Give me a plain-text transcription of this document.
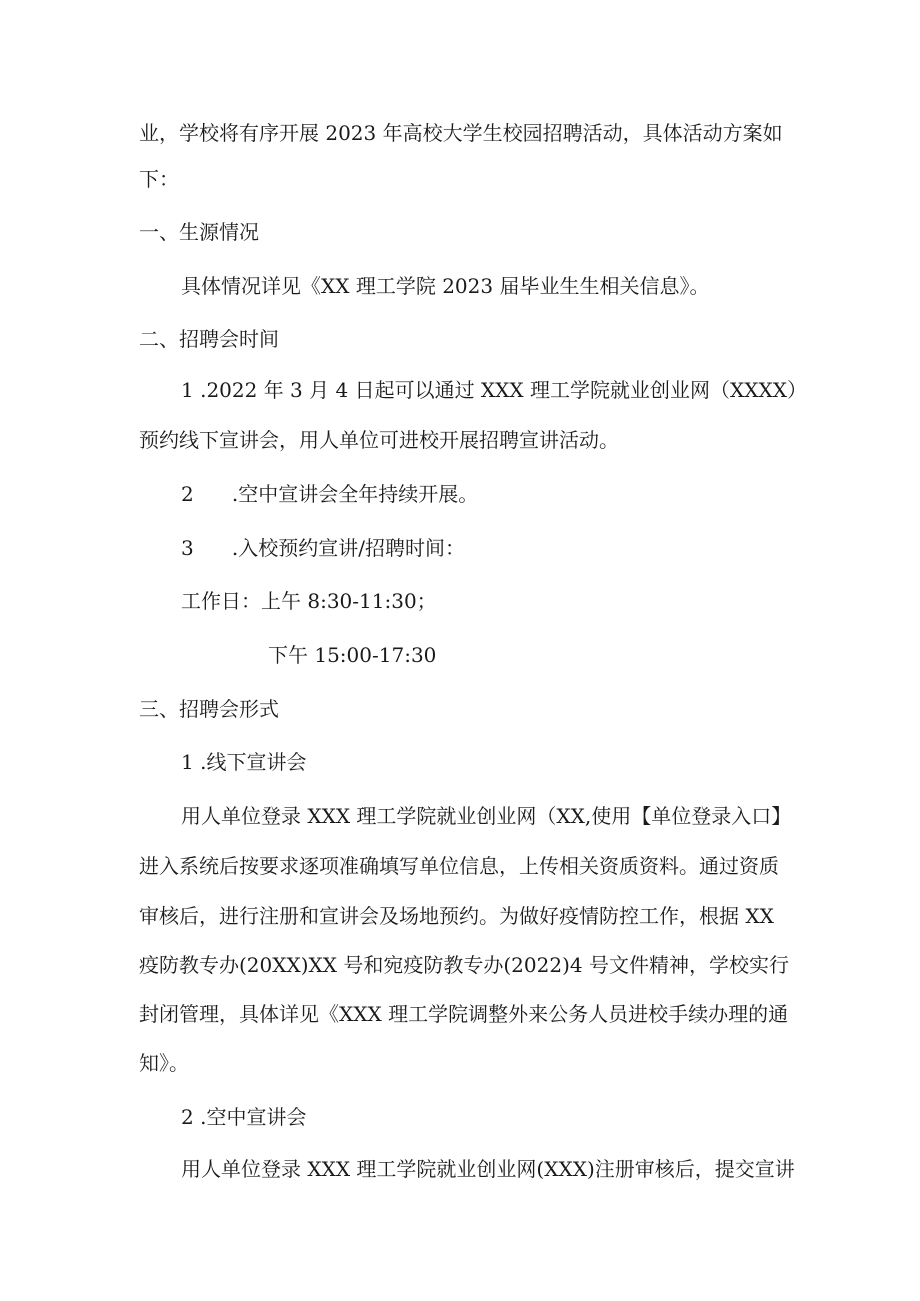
业，学校将有序开展 2023 年高校大学生校园招聘活动，具体活动方案如

下：

一、生源情况

具体情况详见《XX 理工学院 2023 届毕业生生相关信息》。

二、招聘会时间

1 .2022 年 3 月 4 日起可以通过 XXX 理工学院就业创业网（XXXX）

预约线下宣讲会，用人单位可进校开展招聘宣讲活动。

2      .空中宣讲会全年持续开展。

3      .入校预约宣讲/招聘时间：

工作日：上午 8:30-11:30；

下午 15:00-17:30

三、招聘会形式

1 .线下宣讲会

用人单位登录 XXX 理工学院就业创业网（XX,使用【单位登录入口】

进入系统后按要求逐项准确填写单位信息，上传相关资质资料。通过资质

审核后，进行注册和宣讲会及场地预约。为做好疫情防控工作，根据 XX

疫防教专办(20XX)XX 号和宛疫防教专办(2022)4 号文件精神，学校实行

封闭管理，具体详见《XXX 理工学院调整外来公务人员进校手续办理的通

知》。

2 .空中宣讲会

用人单位登录 XXX 理工学院就业创业网(XXX)注册审核后，提交宣讲
